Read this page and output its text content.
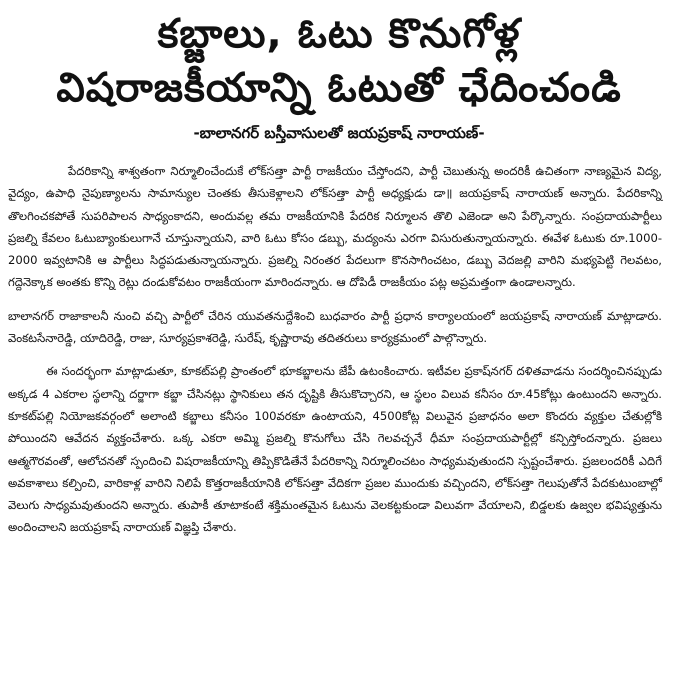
కబ్జాలు, ఓటు కొనుగోళ్ల
విషరాజకీయాన్ని ఓటుతో ఛేదించండి
-బాలానగర్ బస్తీవాసులతో జయప్రకాష్ నారాయణ్-

పేదరికాన్ని శాశ్వతంగా నిర్మూలించేందుకే లోక్‌సత్తా పార్టీ రాజకీయం చేస్తోందని, పార్టీ చెబుతున్న అందరికీ ఉచితంగా నాణ్యమైన విద్య, వైద్యం, ఉపాధి నైపుణ్యాలను సామాన్యుల చెంతకు తీసుకెళ్లాలని లోక్‌సత్తా పార్టీ అధ్యక్షుడు డా॥ జయప్రకాష్ నారాయణ్ అన్నారు. పేదరికాన్ని తొలగించకపోతే సుపరిపాలన సాధ్యంకాదని, అందువల్ల తమ రాజకీయానికి పేదరిక నిర్మూలన తొలి ఎజెండా అని పేర్కొన్నారు. సంప్రదాయపార్టీలు ప్రజల్ని కేవలం ఓటుబ్యాంకులుగానే చూస్తున్నాయని, వారి ఓటు కోసం డబ్బు, మద్యంను ఎరగా విసురుతున్నాయన్నారు. ఈవేళ ఓటుకు రూ.1000-2000 ఇవ్వటానికి ఆ పార్టీలు సిద్ధపడుతున్నాయన్నారు. ప్రజల్ని నిరంతర పేదలుగా కొనసాగించటం, డబ్బు వెదజల్లి వారిని మభ్యపెట్టి గెలవటం, గద్దెనెక్కాక అంతకు కొన్ని రెట్లు దండుకోవటం రాజకీయంగా మారిందన్నారు. ఆ దోపిడీ రాజకీయం పట్ల అప్రమత్తంగా ఉండాలన్నారు.

బాలానగర్ రాజాకాలనీ నుంచి వచ్చి పార్టీలో చేరిన యువతనుద్దేశించి బుధవారం పార్టీ ప్రధాన కార్యాలయంలో జయప్రకాష్ నారాయణ్ మాట్లాడారు. వెంకటసేనారెడ్డి, యాదిరెడ్డి, రాజు, సూర్యప్రకాశరెడ్డి, సురేష్, కృష్ణారావు తదితరులు కార్యక్రమంలో పాల్గొన్నారు.

ఈ సందర్భంగా మాట్లాడుతూ, కూకట్‌పల్లి ప్రాంతంలో భూకబ్జాలను జేపీ ఉటంకించారు. ఇటీవల ప్రకాష్‌నగర్ దళితవాడను సందర్శించినప్పుడు అక్కడ 4 ఎకరాల స్థలాన్ని దర్జాగా కబ్జా చేసినట్లు స్థానికులు తన దృష్టికి తీసుకొచ్చారని, ఆ స్థలం విలువ కనీసం రూ.45కోట్లు ఉంటుందని అన్నారు. కూకట్‌పల్లి నియోజకవర్గంలో అలాంటి కబ్జాలు కనీసం 100వరకూ ఉంటాయని, 4500కోట్ల విలువైన ప్రజాధనం అలా కొందరు వ్యక్తుల చేతుల్లోకి పోయిందని ఆవేదన వ్యక్తంచేశారు. ఒక్క ఎకరా అమ్మి ప్రజల్ని కొనుగోలు చేసి గెలవచ్చనే ధీమా సంప్రదాయపార్టీల్లో కన్పిస్తోందన్నారు. ప్రజలు ఆత్మగౌరవంతో, ఆలోచనతో స్పందించి విషరాజకీయాన్ని తిప్పికొడితేనే పేదరికాన్ని నిర్మూలించటం సాధ్యమవుతుందని స్పష్టంచేశారు. ప్రజలందరికీ ఎదిగే అవకాశాలు కల్పించి, వారికాళ్ల వారిని నిలిపే కొత్తరాజకీయానికి లోక్‌సత్తా వేదికగా ప్రజల ముందుకు వచ్చిందని, లోక్‌సత్తా గెలుపుతోనే పేదకుటుంబాల్లో వెలుగు సాధ్యమవుతుందని అన్నారు. తుపాకీ తూటాకంటే శక్తిమంతమైన ఓటును వెలకట్టకుండా విలువగా వేయాలని, బిడ్డలకు ఉజ్వల భవిష్యత్తును అందించాలని జయప్రకాష్ నారాయణ్ విజ్ఞప్తి చేశారు.
